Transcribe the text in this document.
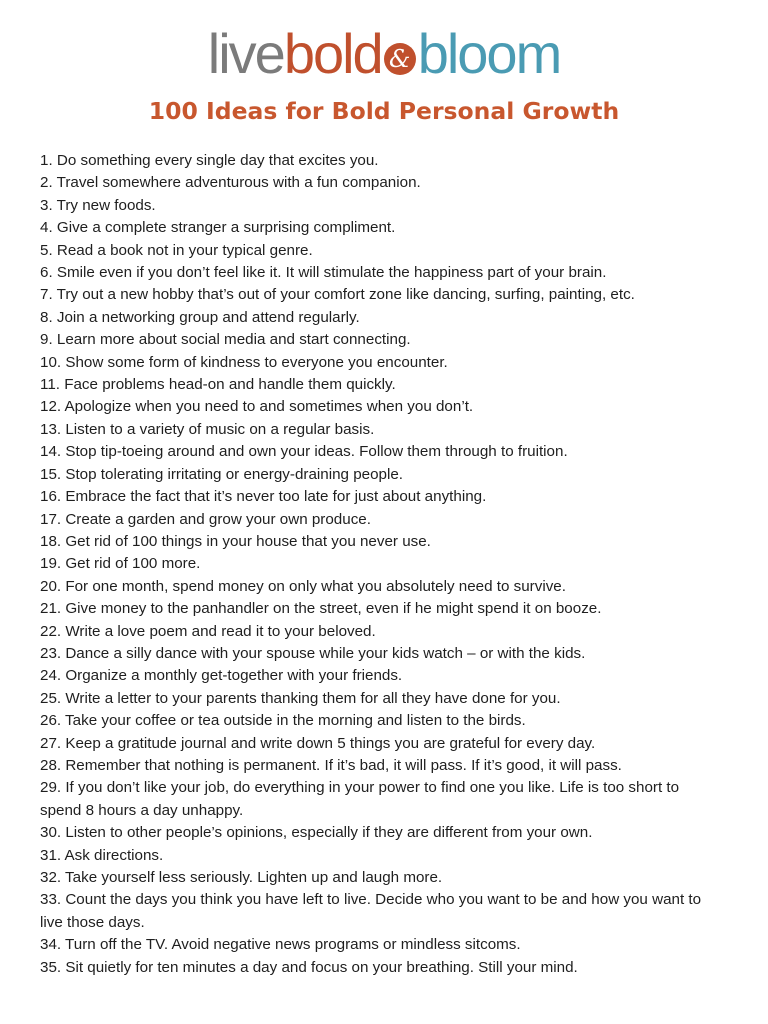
livebold & bloom
100 Ideas for Bold Personal Growth
1. Do something every single day that excites you.
2. Travel somewhere adventurous with a fun companion.
3. Try new foods.
4. Give a complete stranger a surprising compliment.
5. Read a book not in your typical genre.
6. Smile even if you don’t feel like it. It will stimulate the happiness part of your brain.
7. Try out a new hobby that’s out of your comfort zone like dancing, surfing, painting, etc.
8. Join a networking group and attend regularly.
9. Learn more about social media and start connecting.
10. Show some form of kindness to everyone you encounter.
11. Face problems head-on and handle them quickly.
12. Apologize when you need to and sometimes when you don’t.
13. Listen to a variety of music on a regular basis.
14. Stop tip-toeing around and own your ideas. Follow them through to fruition.
15. Stop tolerating irritating or energy-draining people.
16. Embrace the fact that it’s never too late for just about anything.
17. Create a garden and grow your own produce.
18. Get rid of 100 things in your house that you never use.
19. Get rid of 100 more.
20. For one month, spend money on only what you absolutely need to survive.
21. Give money to the panhandler on the street, even if he might spend it on booze.
22. Write a love poem and read it to your beloved.
23. Dance a silly dance with your spouse while your kids watch – or with the kids.
24. Organize a monthly get-together with your friends.
25. Write a letter to your parents thanking them for all they have done for you.
26. Take your coffee or tea outside in the morning and listen to the birds.
27. Keep a gratitude journal and write down 5 things you are grateful for every day.
28. Remember that nothing is permanent. If it’s bad, it will pass. If it’s good, it will pass.
29. If you don’t like your job, do everything in your power to find one you like. Life is too short to spend 8 hours a day unhappy.
30. Listen to other people’s opinions, especially if they are different from your own.
31. Ask directions.
32. Take yourself less seriously. Lighten up and laugh more.
33. Count the days you think you have left to live. Decide who you want to be and how you want to live those days.
34. Turn off the TV. Avoid negative news programs or mindless sitcoms.
35. Sit quietly for ten minutes a day and focus on your breathing. Still your mind.
